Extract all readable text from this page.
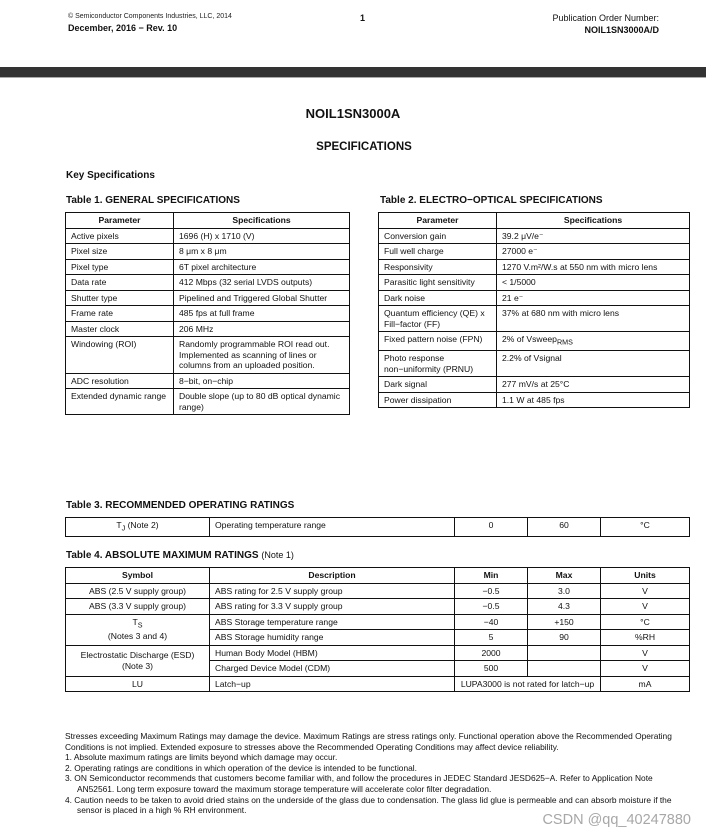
© Semiconductor Components Industries, LLC, 2014
December, 2016 − Rev. 10
1	Publication Order Number:
NOIL1SN3000A/D
NOIL1SN3000A
SPECIFICATIONS
Key Specifications
Table 1. GENERAL SPECIFICATIONS
Parameter	Specifications
Active pixels	1696 (H) x 1710 (V)
Pixel size	8 μm x 8 μm
Pixel type	6T pixel architecture
Data rate	412 Mbps (32 serial LVDS outputs)
Shutter type	Pipelined and Triggered Global Shutter
Frame rate	485 fps at full frame
Master clock	206 MHz
Windowing (ROI)	Randomly programmable ROI read out. Implemented as scanning of lines or columns from an uploaded position.
ADC resolution	8−bit, on−chip
Extended dynamic range	Double slope (up to 80 dB optical dynamic range)
Table 2. ELECTRO−OPTICAL SPECIFICATIONS
Parameter	Specifications
Conversion gain	39.2 μV/e⁻
Full well charge	27000 e⁻
Responsivity	1270 V.m²/W.s at 550 nm with micro lens
Parasitic light sensitivity	< 1/5000
Dark noise	21 e⁻
Quantum efficiency (QE) x Fill−factor (FF)	37% at 680 nm with micro lens
Fixed pattern noise (FPN)	2% of Vsweep$_{RMS}$
Photo response non−uniformity (PRNU)	2.2% of Vsignal
Dark signal	277 mV/s at 25°C
Power dissipation	1.1 W at 485 fps
Table 3. RECOMMENDED OPERATING RATINGS
$T_J$ (Note 2)	Operating temperature range	0	60	°C
Table 4. ABSOLUTE MAXIMUM RATINGS (Note 1)
Symbol	Description	Min	Max	Units
ABS (2.5 V supply group)	ABS rating for 2.5 V supply group	−0.5	3.0	V
ABS (3.3 V supply group)	ABS rating for 3.3 V supply group	−0.5	4.3	V
$T_S$
(Notes 3 and 4)	ABS Storage temperature range	−40	+150	°C
	ABS Storage humidity range	5	90	%RH
Electrostatic Discharge (ESD)
(Note 3)	Human Body Model (HBM)	2000		V
	Charged Device Model (CDM)	500		V
LU	Latch−up	LUPA3000 is not rated for latch−up		mA

Stresses exceeding Maximum Ratings may damage the device. Maximum Ratings are stress ratings only. Functional operation above the Recommended Operating Conditions is not implied. Extended exposure to stresses above the Recommended Operating Conditions may affect device reliability.

1. Absolute maximum ratings are limits beyond which damage may occur.

2. Operating ratings are conditions in which operation of the device is intended to be functional.

3. ON Semiconductor recommends that customers become familiar with, and follow the procedures in JEDEC Standard JESD625−A. Refer to Application Note AN52561. Long term exposure toward the maximum storage temperature will accelerate color filter degradation.

4. Caution needs to be taken to avoid dried stains on the underside of the glass due to condensation. The glass lid glue is permeable and can absorb moisture if the sensor is placed in a high % RH environment.

CSDN @qq_40247880
